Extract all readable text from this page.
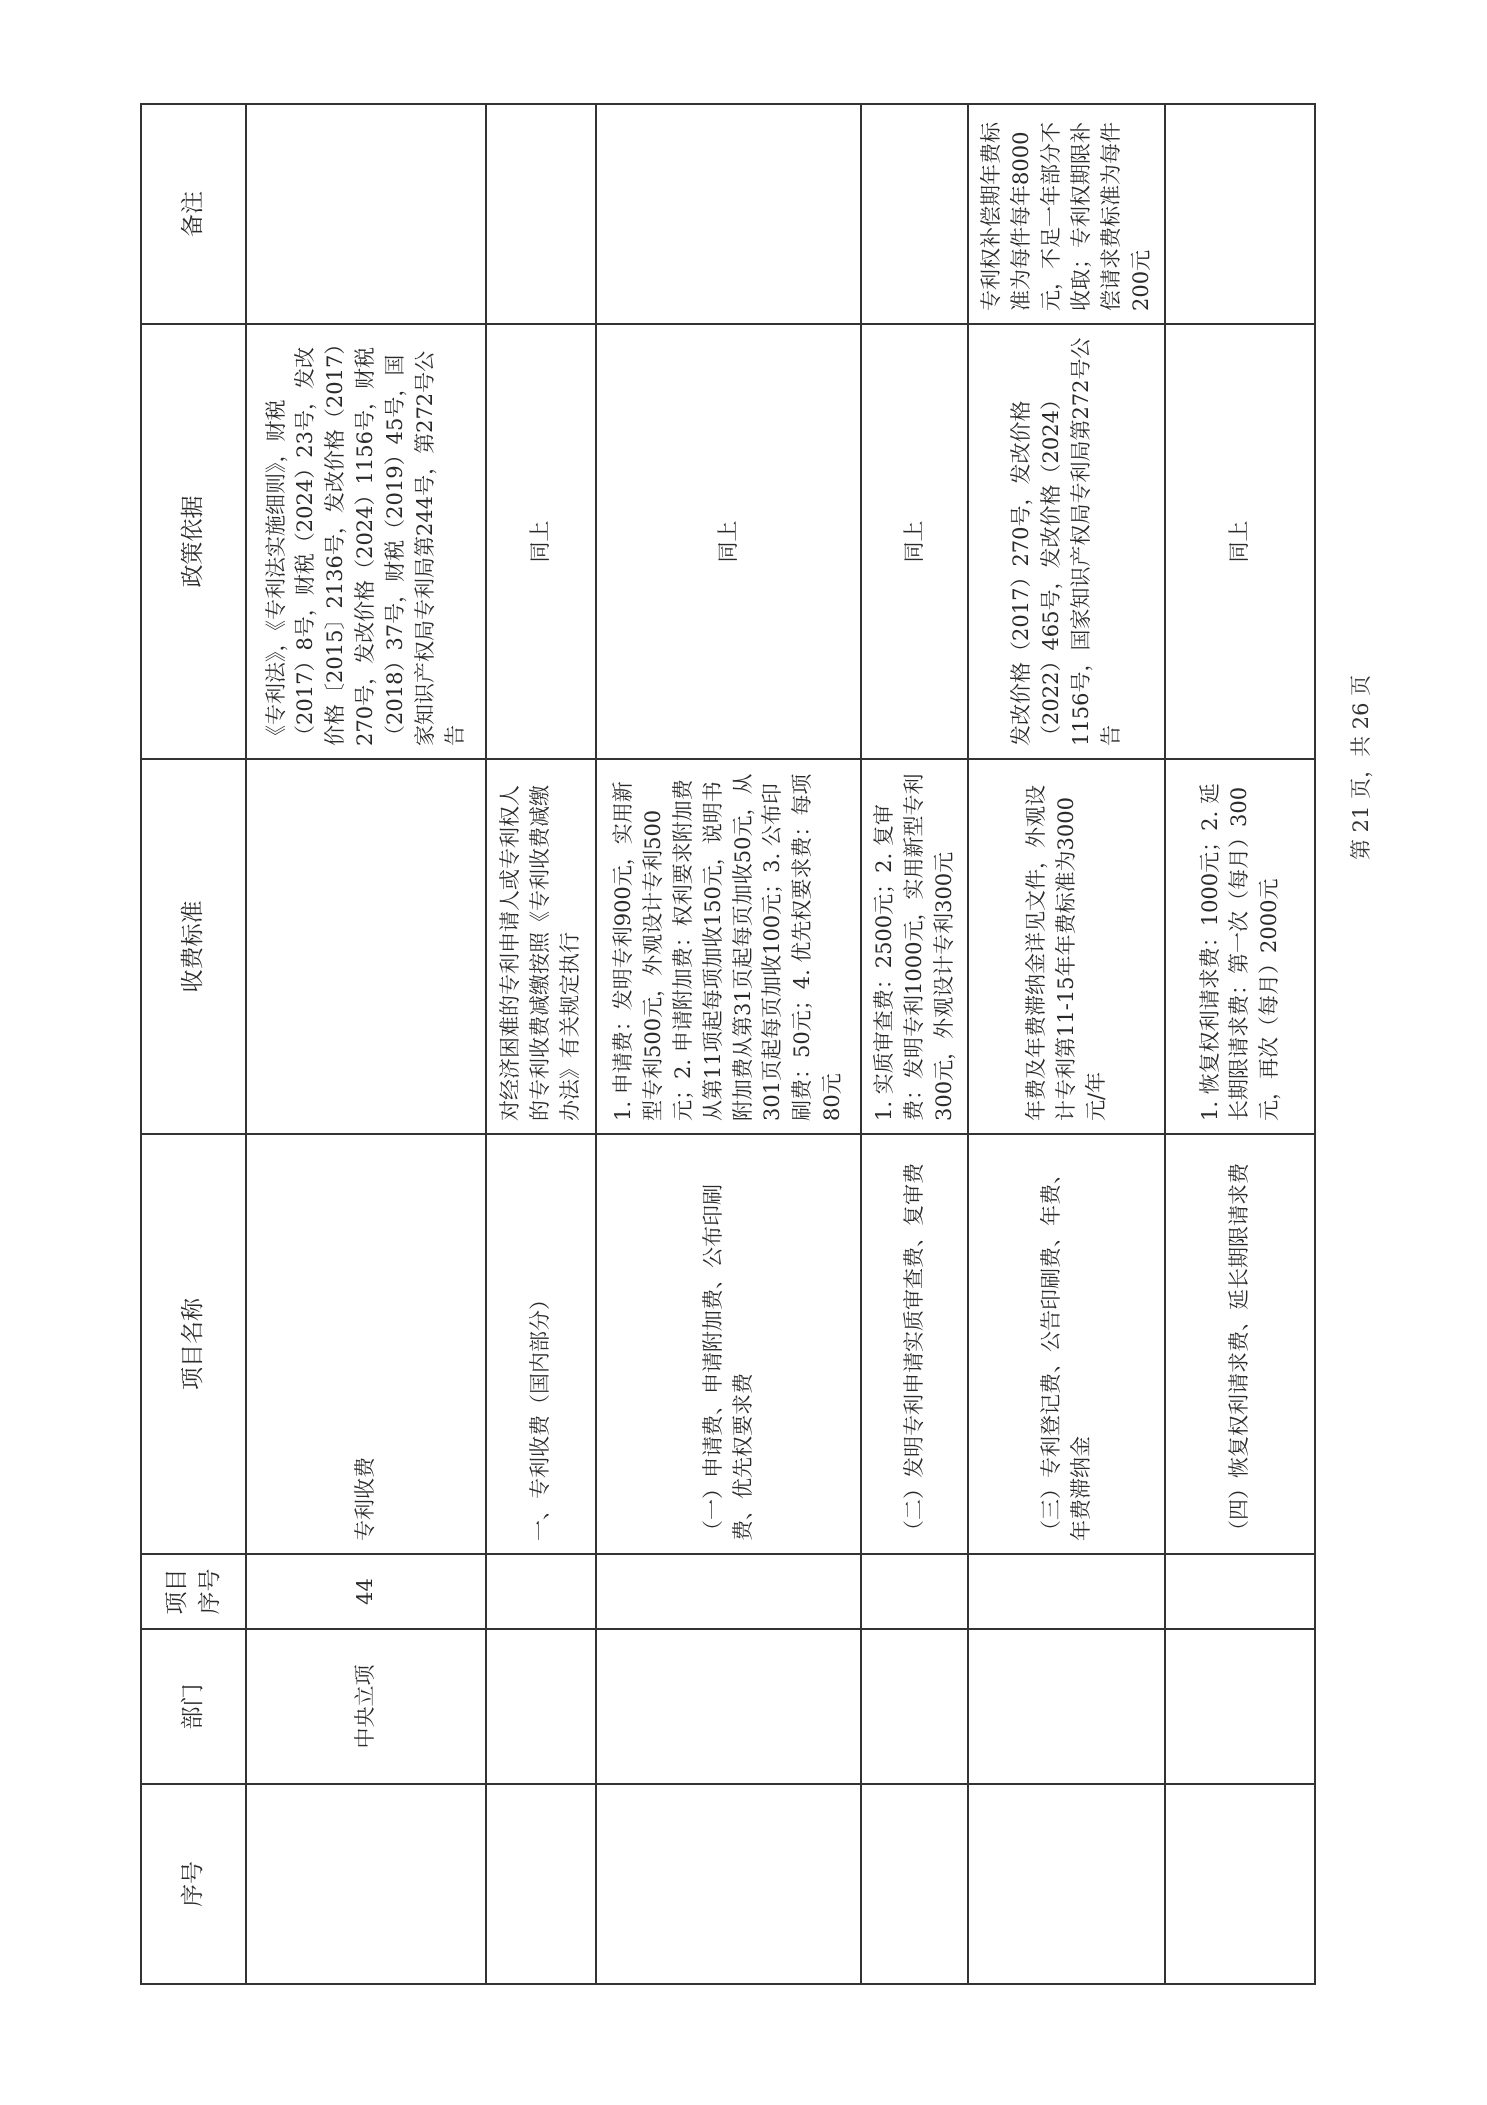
序号	部门	项目序号	项目名称	收费标准	政策依据	备注
	中央立项	44	专利收费		《专利法》，《专利法实施细则》，财税（2017）8号，财税（2024）23号，发改价格〔2015〕2136号，发改价格（2017）270号，发改价格（2024）1156号，财税（2018）37号，财税（2019）45号，国家知识产权局专利局第244号，第272号公告	
			一、专利收费（国内部分）	对经济困难的专利申请人或专利权人的专利收费减缴按照《专利收费减缴办法》有关规定执行	同上	
			（一）申请费、申请附加费、公布印刷费、优先权要求费	1. 申请费：发明专利900元，实用新型专利500元，外观设计专利500元；2. 申请附加费：权利要求附加费从第11项起每项加收150元，说明书附加费从第31页起每页加收50元，从301页起每页加收100元；3. 公布印刷费：50元；4. 优先权要求费：每项80元	同上	
			（二）发明专利申请实质审查费、复审费	1. 实质审查费：2500元；2. 复审费：发明专利1000元，实用新型专利300元，外观设计专利300元	同上	
			（三）专利登记费、公告印刷费、年费、年费滞纳金	年费及年费滞纳金详见文件，外观设计专利第11-15年年费标准为3000元/年	发改价格（2017）270号，发改价格（2022）465号，发改价格（2024）1156号，国家知识产权局专利局第272号公告	专利权补偿期年费标准为每件每年8000元，不足一年部分不收取；专利权期限补偿请求费标准为每件200元
			（四）恢复权利请求费、延长期限请求费	1. 恢复权利请求费：1000元；2. 延长期限请求费：第一次（每月）300元，再次（每月）2000元	同上	
第 21 页，共 26 页
